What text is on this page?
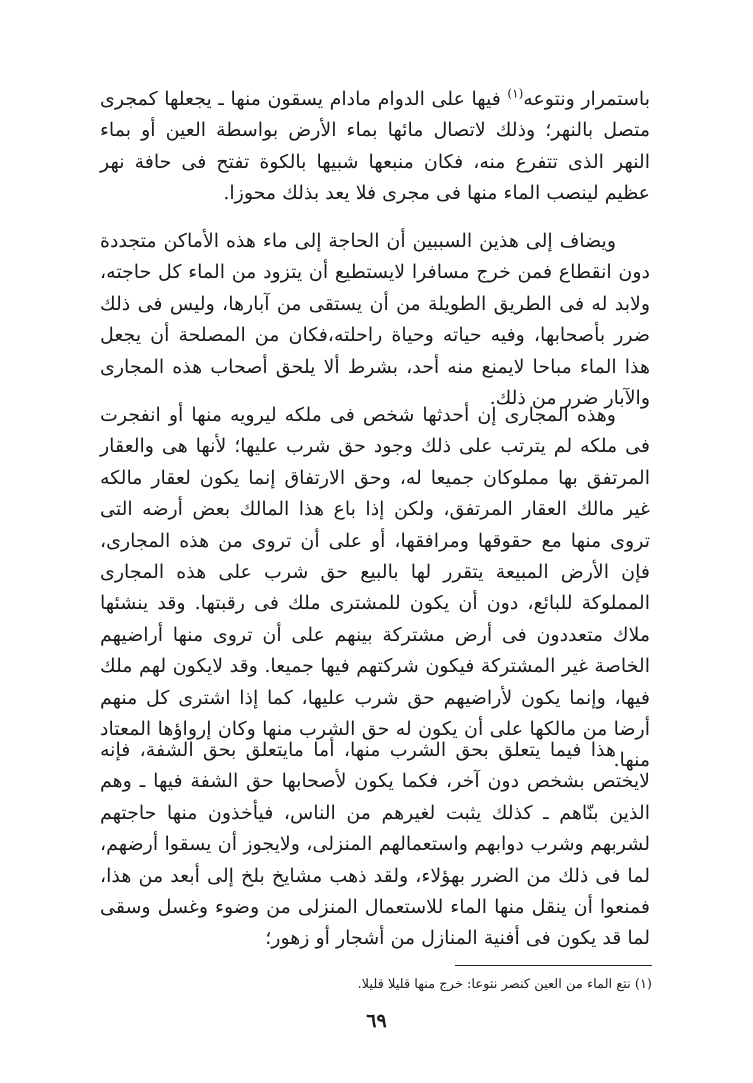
باستمرار ونتوعه$^{(١)}$ فيها على الدوام مادام يسقون منها ـ يجعلها كمجرى متصل بالنهر؛ وذلك لاتصال مائها بماء الأرض بواسطة العين أو بماء النهر الذى تتفرع منه، فكان منبعها شبيها بالكوة تفتح فى حافة نهر عظيم لينصب الماء منها فى مجرى فلا يعد بذلك محوزا.

ويضاف إلى هذين السببين أن الحاجة إلى ماء هذه الأماكن متجددة دون انقطاع فمن خرج مسافرا لايستطيع أن يتزود من الماء كل حاجته، ولابد له فى الطريق الطويلة من أن يستقى من آبارها، وليس فى ذلك ضرر بأصحابها، وفيه حياته وحياة راحلته،فكان من المصلحة أن يجعل هذا الماء مباحا لايمنع منه أحد، بشرط ألا يلحق أصحاب هذه المجارى والآبار ضرر من ذلك.

وهذه المجارى إن أحدثها شخص فى ملكه ليرويه منها أو انفجرت فى ملكه لم يترتب على ذلك وجود حق شرب عليها؛ لأنها هى والعقار المرتفق بها مملوكان جميعا له، وحق الارتفاق إنما يكون لعقار مالكه غير مالك العقار المرتفق، ولكن إذا باع هذا المالك بعض أرضه التى تروى منها مع حقوقها ومرافقها، أو على أن تروى من هذه المجارى، فإن الأرض المبيعة يتقرر لها بالبيع حق شرب على هذه المجارى المملوكة للبائع، دون أن يكون للمشترى ملك فى رقبتها. وقد ينشئها ملاك متعددون فى أرض مشتركة بينهم على أن تروى منها أراضيهم الخاصة غير المشتركة فيكون شركتهم فيها جميعا. وقد لايكون لهم ملك فيها، وإنما يكون لأراضيهم حق شرب عليها، كما إذا اشترى كل منهم أرضا من مالكها على أن يكون له حق الشرب منها وكان إرواؤها المعتاد منها.

هذا فيما يتعلق بحق الشرب منها، أما مايتعلق بحق الشفة، فإنه لايختص بشخص دون آخر، فكما يكون لأصحابها حق الشفة فيها ـ وهم الذين بنّاهم ـ كذلك يثبت لغيرهم من الناس، فيأخذون منها حاجتهم لشربهم وشرب دوابهم واستعمالهم المنزلى، ولايجوز أن يسقوا أرضهم، لما فى ذلك من الضرر بهؤلاء، ولقد ذهب مشايخ بلخ إلى أبعد من هذا، فمنعوا أن ينقل منها الماء للاستعمال المنزلى من وضوء وغسل وسقى لما قد يكون فى أفنية المنازل من أشجار أو زهور؛

(١) نتع الماء من العين كنصر نتوعا: خرج منها قليلا قليلا.
٦٩
